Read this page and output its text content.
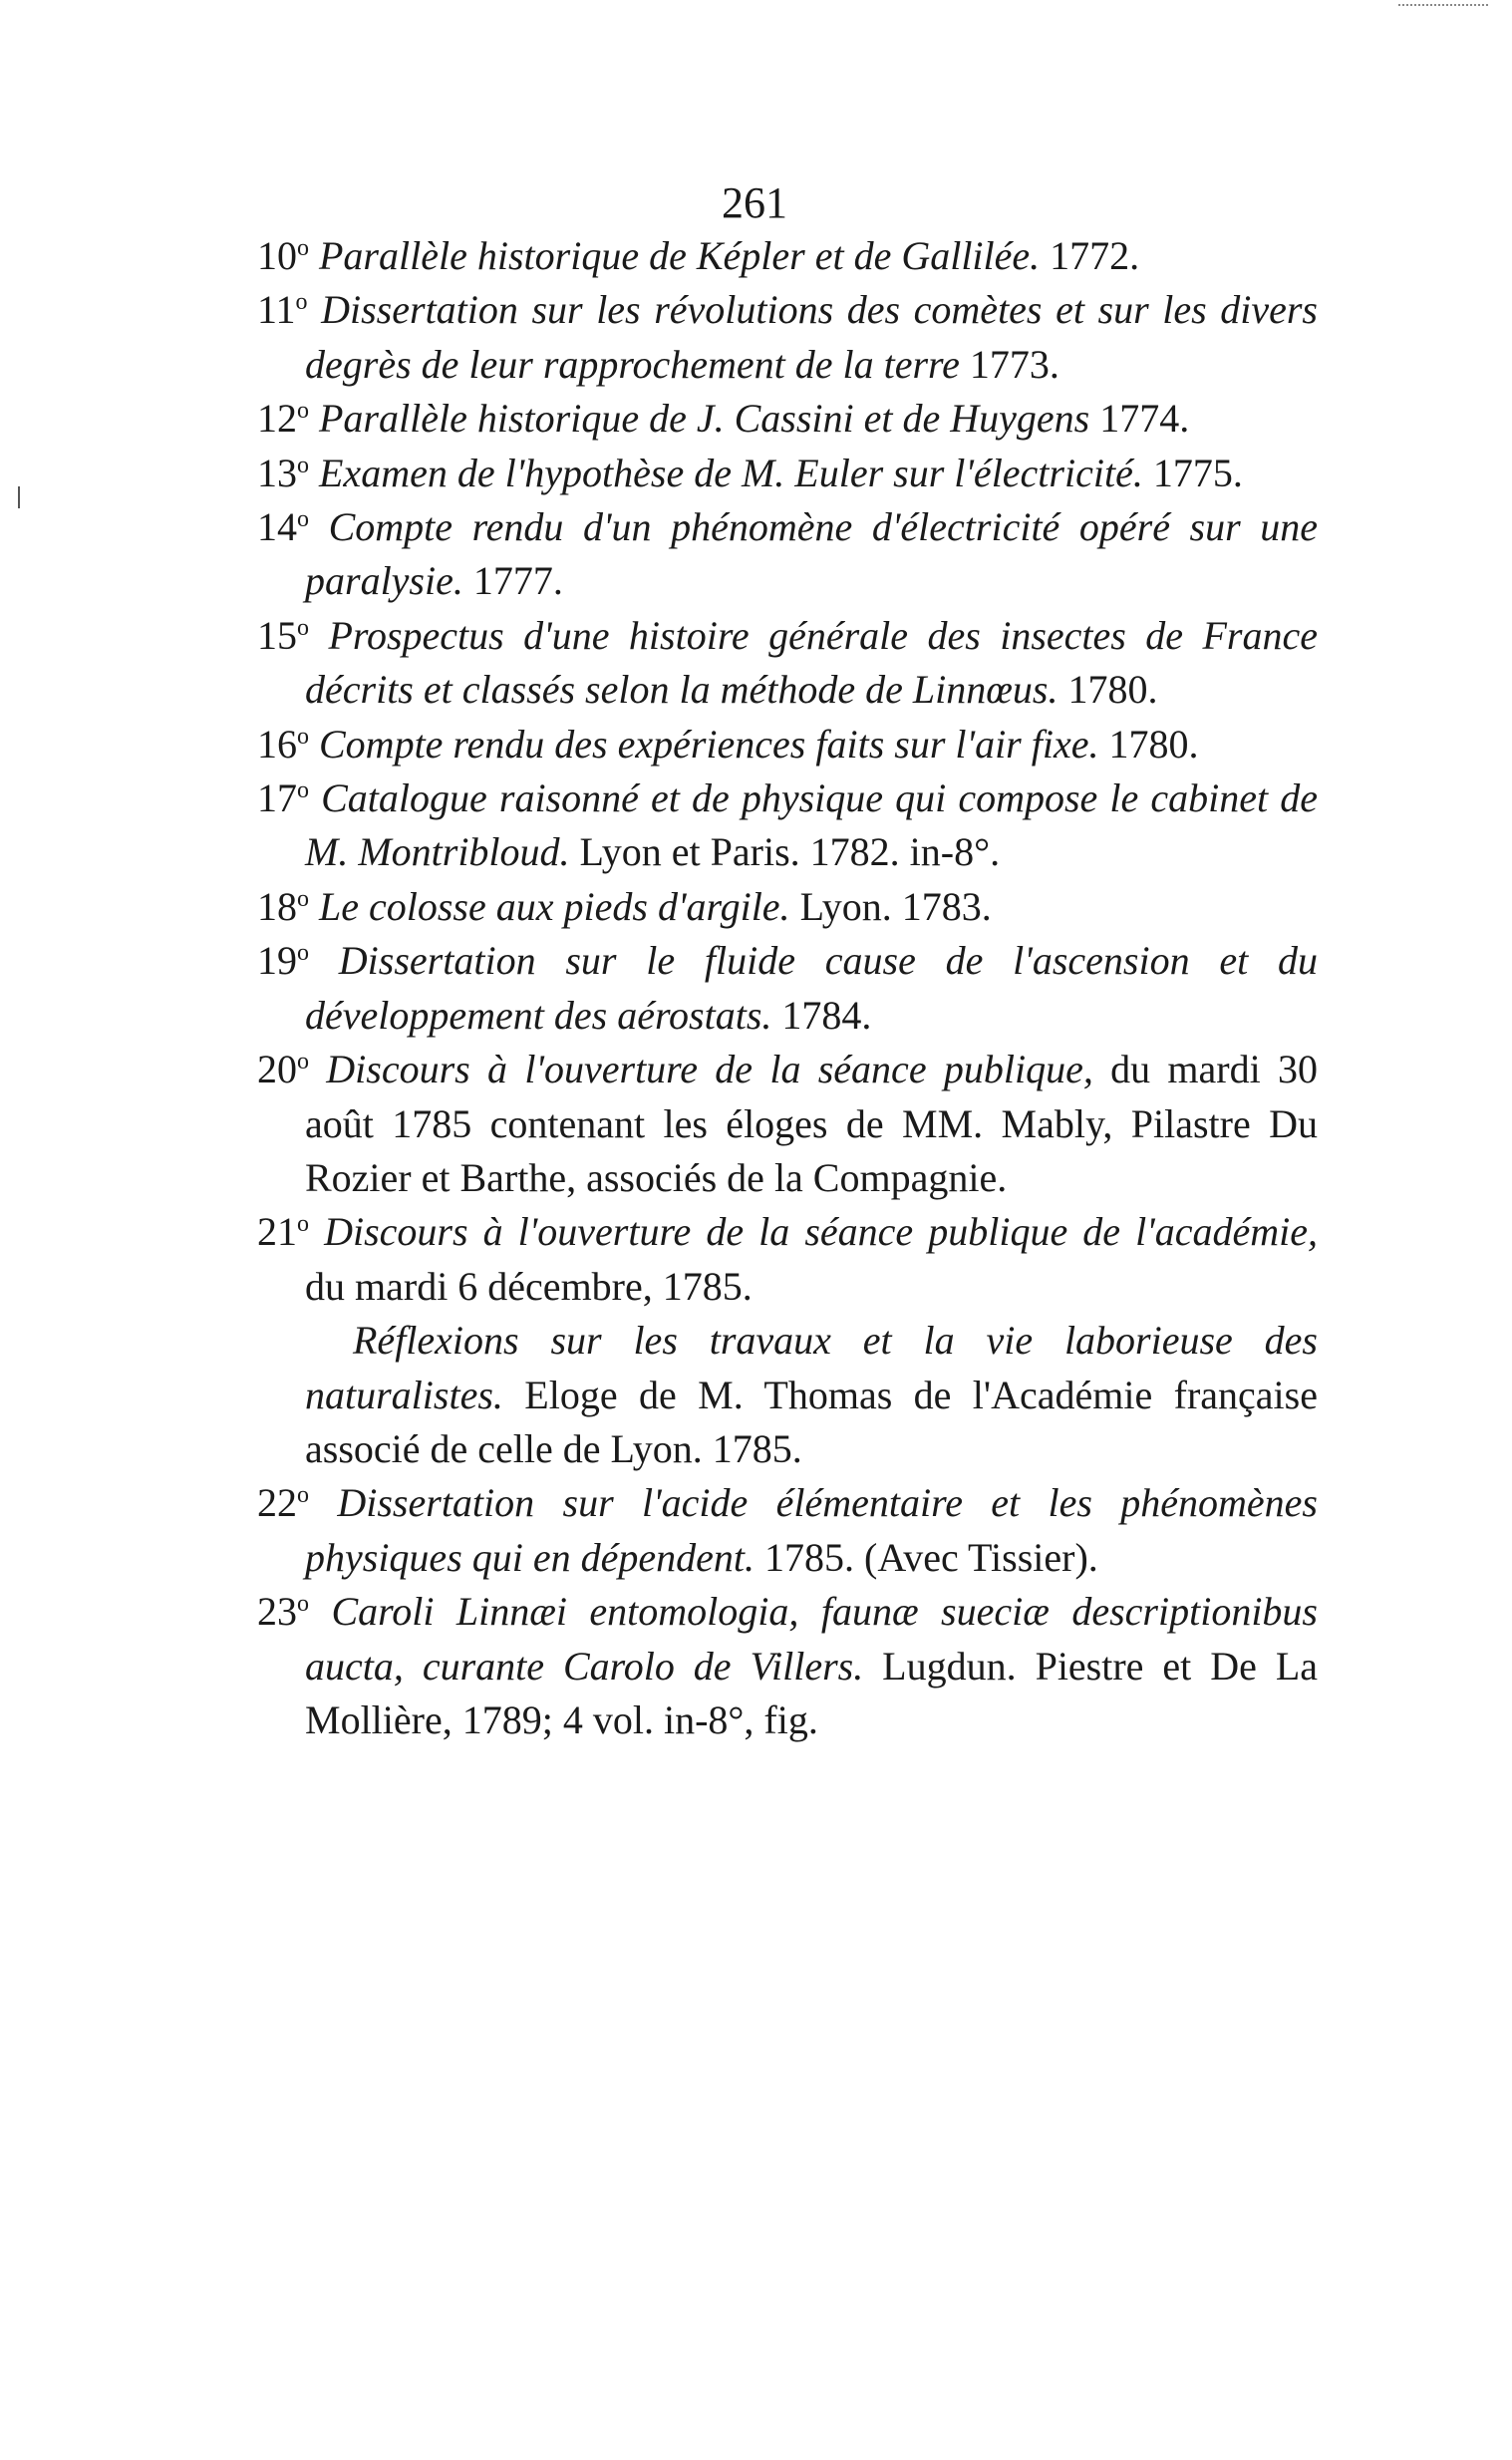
261

10$^o$ Parallèle historique de Képler et de Gallilée. 1772.

11$^o$ Dissertation sur les révolutions des comètes et sur les divers degrès de leur rapprochement de la terre 1773.

12$^o$ Parallèle historique de J. Cassini et de Huygens 1774.

13$^o$ Examen de l'hypothèse de M. Euler sur l'électricité. 1775.

14$^o$ Compte rendu d'un phénomène d'électricité opéré sur une paralysie. 1777.

15$^o$ Prospectus d'une histoire générale des insectes de France décrits et classés selon la méthode de Linnœus. 1780.

16$^o$ Compte rendu des expériences faits sur l'air fixe. 1780.

17$^o$ Catalogue raisonné et de physique qui compose le cabinet de M. Montribloud. Lyon et Paris. 1782. in-8°.

18$^o$ Le colosse aux pieds d'argile. Lyon. 1783.

19$^o$ Dissertation sur le fluide cause de l'ascension et du développement des aérostats. 1784.

20$^o$ Discours à l'ouverture de la séance publique, du mardi 30 août 1785 contenant les éloges de MM. Mably, Pilastre Du Rozier et Barthe, associés de la Compagnie.

21$^o$ Discours à l'ouverture de la séance publique de l'académie, du mardi 6 décembre, 1785.

Réflexions sur les travaux et la vie laborieuse des naturalistes. Eloge de M. Thomas de l'Académie française associé de celle de Lyon. 1785.

22$^o$ Dissertation sur l'acide élémentaire et les phénomènes physiques qui en dépendent. 1785. (Avec Tissier).

23$^o$ Caroli Linnæi entomologia, faunæ sueciæ descriptionibus aucta, curante Carolo de Villers. Lugdun. Piestre et De La Mollière, 1789; 4 vol. in-8°, fig.
